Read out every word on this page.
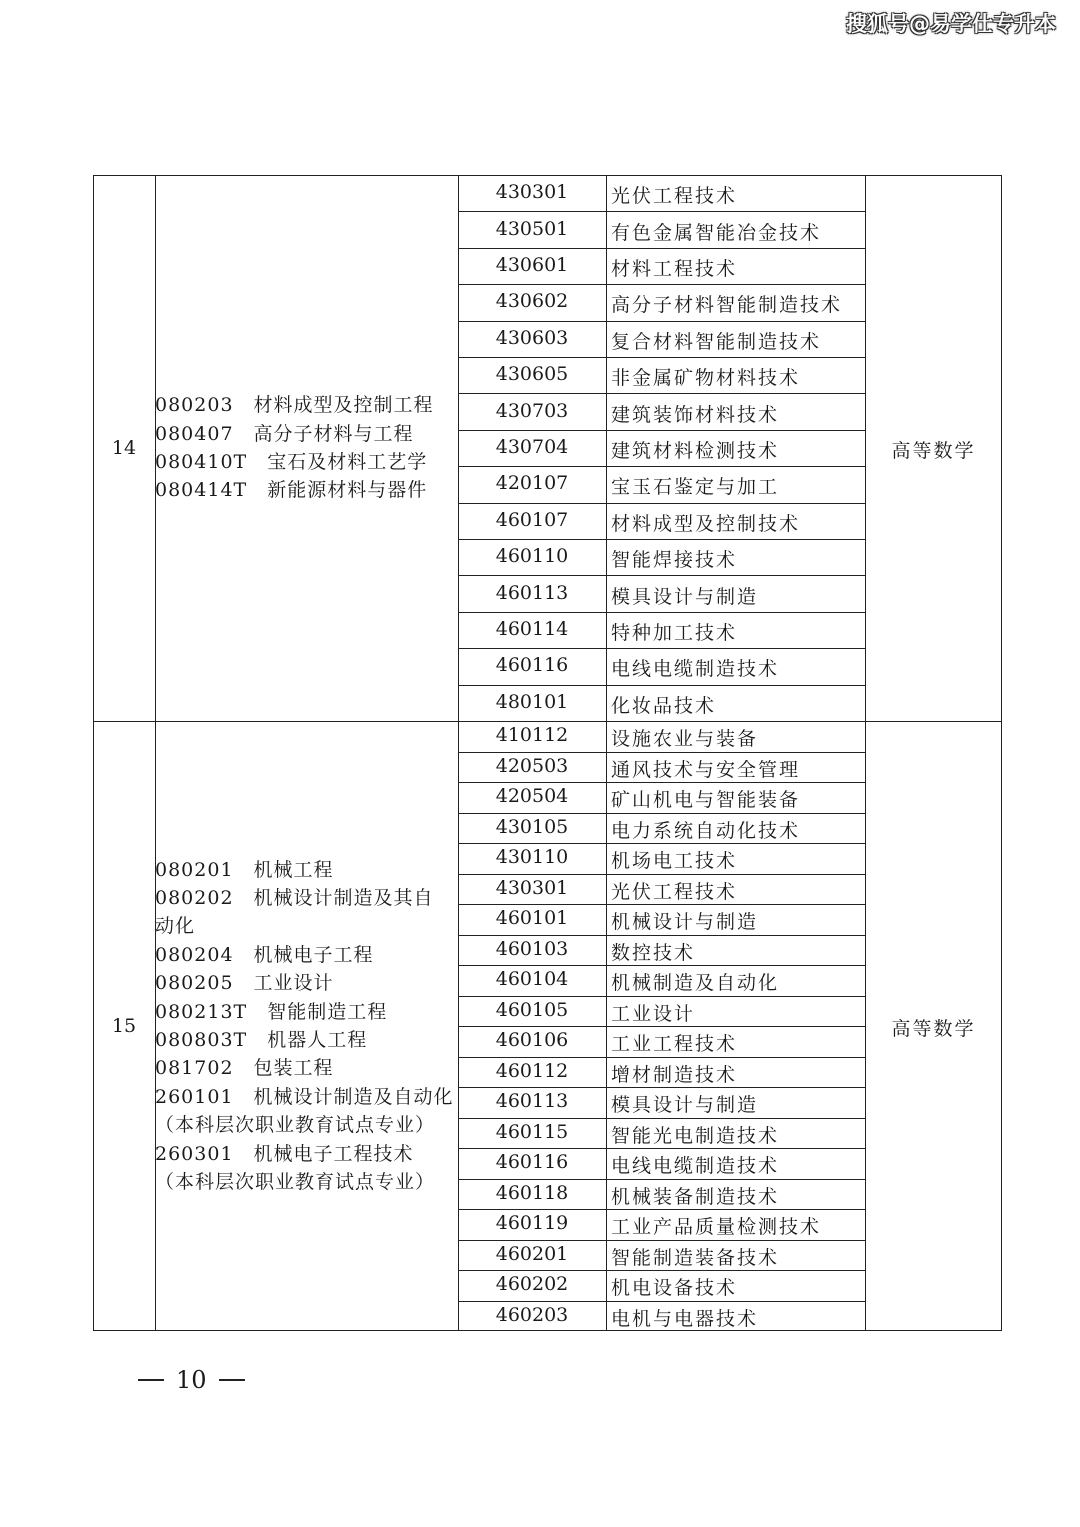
搜狐号@易学仕专升本
14
080203　材料成型及控制工程
080407　高分子材料与工程
080410T　宝石及材料工艺学
080414T　新能源材料与器件
高等数学
430301	光伏工程技术
430501	有色金属智能冶金技术
430601	材料工程技术
430602	高分子材料智能制造技术
430603	复合材料智能制造技术
430605	非金属矿物材料技术
430703	建筑装饰材料技术
430704	建筑材料检测技术
420107	宝玉石鉴定与加工
460107	材料成型及控制技术
460110	智能焊接技术
460113	模具设计与制造
460114	特种加工技术
460116	电线电缆制造技术
480101	化妆品技术
15
080201　机械工程
080202　机械设计制造及其自
动化
080204　机械电子工程
080205　工业设计
080213T　智能制造工程
080803T　机器人工程
081702　包装工程
260101　机械设计制造及自动化
（本科层次职业教育试点专业）
260301　机械电子工程技术
（本科层次职业教育试点专业）
高等数学
410112	设施农业与装备
420503	通风技术与安全管理
420504	矿山机电与智能装备
430105	电力系统自动化技术
430110	机场电工技术
430301	光伏工程技术
460101	机械设计与制造
460103	数控技术
460104	机械制造及自动化
460105	工业设计
460106	工业工程技术
460112	增材制造技术
460113	模具设计与制造
460115	智能光电制造技术
460116	电线电缆制造技术
460118	机械装备制造技术
460119	工业产品质量检测技术
460201	智能制造装备技术
460202	机电设备技术
460203	电机与电器技术
10
